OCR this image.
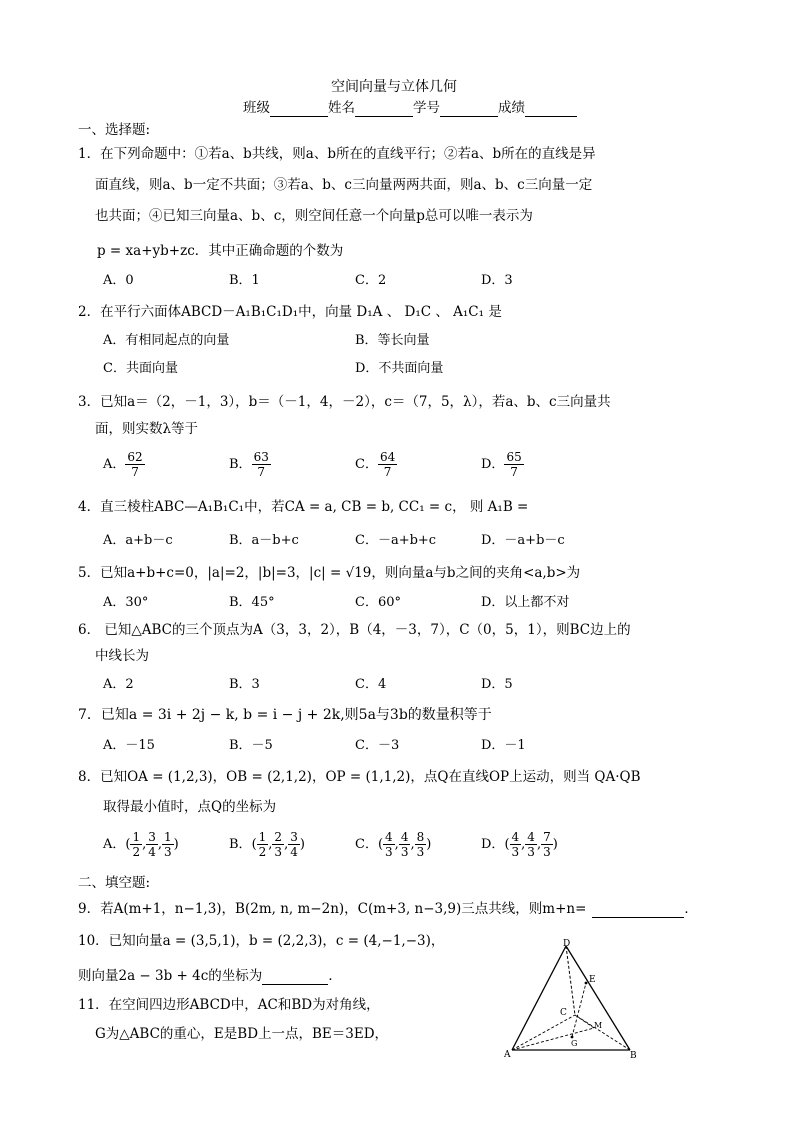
空间向量与立体几何
班级	姓名	学号	成绩
一、选择题:
1．在下列命题中：①若a、b共线，则a、b所在的直线平行；②若a、b所在的直线是异
面直线，则a、b一定不共面；③若a、b、c三向量两两共面，则a、b、c三向量一定
也共面；④已知三向量a、b、c，则空间任意一个向量p总可以唯一表示为
p = xa+yb+zc．其中正确命题的个数为
A．0	B．1	C．2	D．3
2．在平行六面体ABCD－A₁B₁C₁D₁中，向量 D₁A 、 D₁C 、 A₁C₁ 是
A．有相同起点的向量	B．等长向量
C．共面向量	D．不共面向量
3．已知a＝（2，－1，3），b＝（－1，4，－2），c＝（7，5，λ），若a、b、c三向量共
面，则实数λ等于
A． $\frac{62}{7}$	B． $\frac{63}{7}$	C． $\frac{64}{7}$	D． $\frac{65}{7}$
4．直三棱柱ABC—A₁B₁C₁中，若CA = a, CB = b, CC₁ = c， 则 A₁B =
A．a+b－c	B．a－b+c	C．－a+b+c	D．－a+b－c
5．已知a+b+c=0，|a|=2，|b|=3，|c| = √19，则向量a与b之间的夹角<a,b>为
A．30°	B．45°	C．60°	D．以上都不对
6． 已知△ABC的三个顶点为A（3，3，2），B（4，－3，7），C（0，5，1），则BC边上的
中线长为
A．2	B．3	C．4	D．5
7．已知a = 3i + 2j − k, b = i − j + 2k,则5a与3b的数量积等于
A．－15	B．－5	C．－3	D．－1
8．已知OA = (1,2,3)，OB = (2,1,2)，OP = (1,1,2)，点Q在直线OP上运动，则当 QA·QB
取得最小值时，点Q的坐标为
A．( $\frac{1}{2}$ , $\frac{3}{4}$ , $\frac{1}{3}$ )	B．( $\frac{1}{2}$ , $\frac{2}{3}$ , $\frac{3}{4}$ )	C．( $\frac{4}{3}$ , $\frac{4}{3}$ , $\frac{8}{3}$ )	D．( $\frac{4}{3}$ , $\frac{4}{3}$ , $\frac{7}{3}$ )
二、填空题:
9．若A(m+1，n−1,3)，B(2m, n, m−2n)，C(m+3, n−3,9)三点共线，则m+n=	．
10．已知向量a = (3,5,1)，b = (2,2,3)，c = (4,−1,−3)，
则向量2a − 3b + 4c的坐标为	．
11．在空间四边形ABCD中，AC和BD为对角线，
G为△ABC的重心，E是BD上一点，BE＝3ED，
D
E
C
M
G
A	B
